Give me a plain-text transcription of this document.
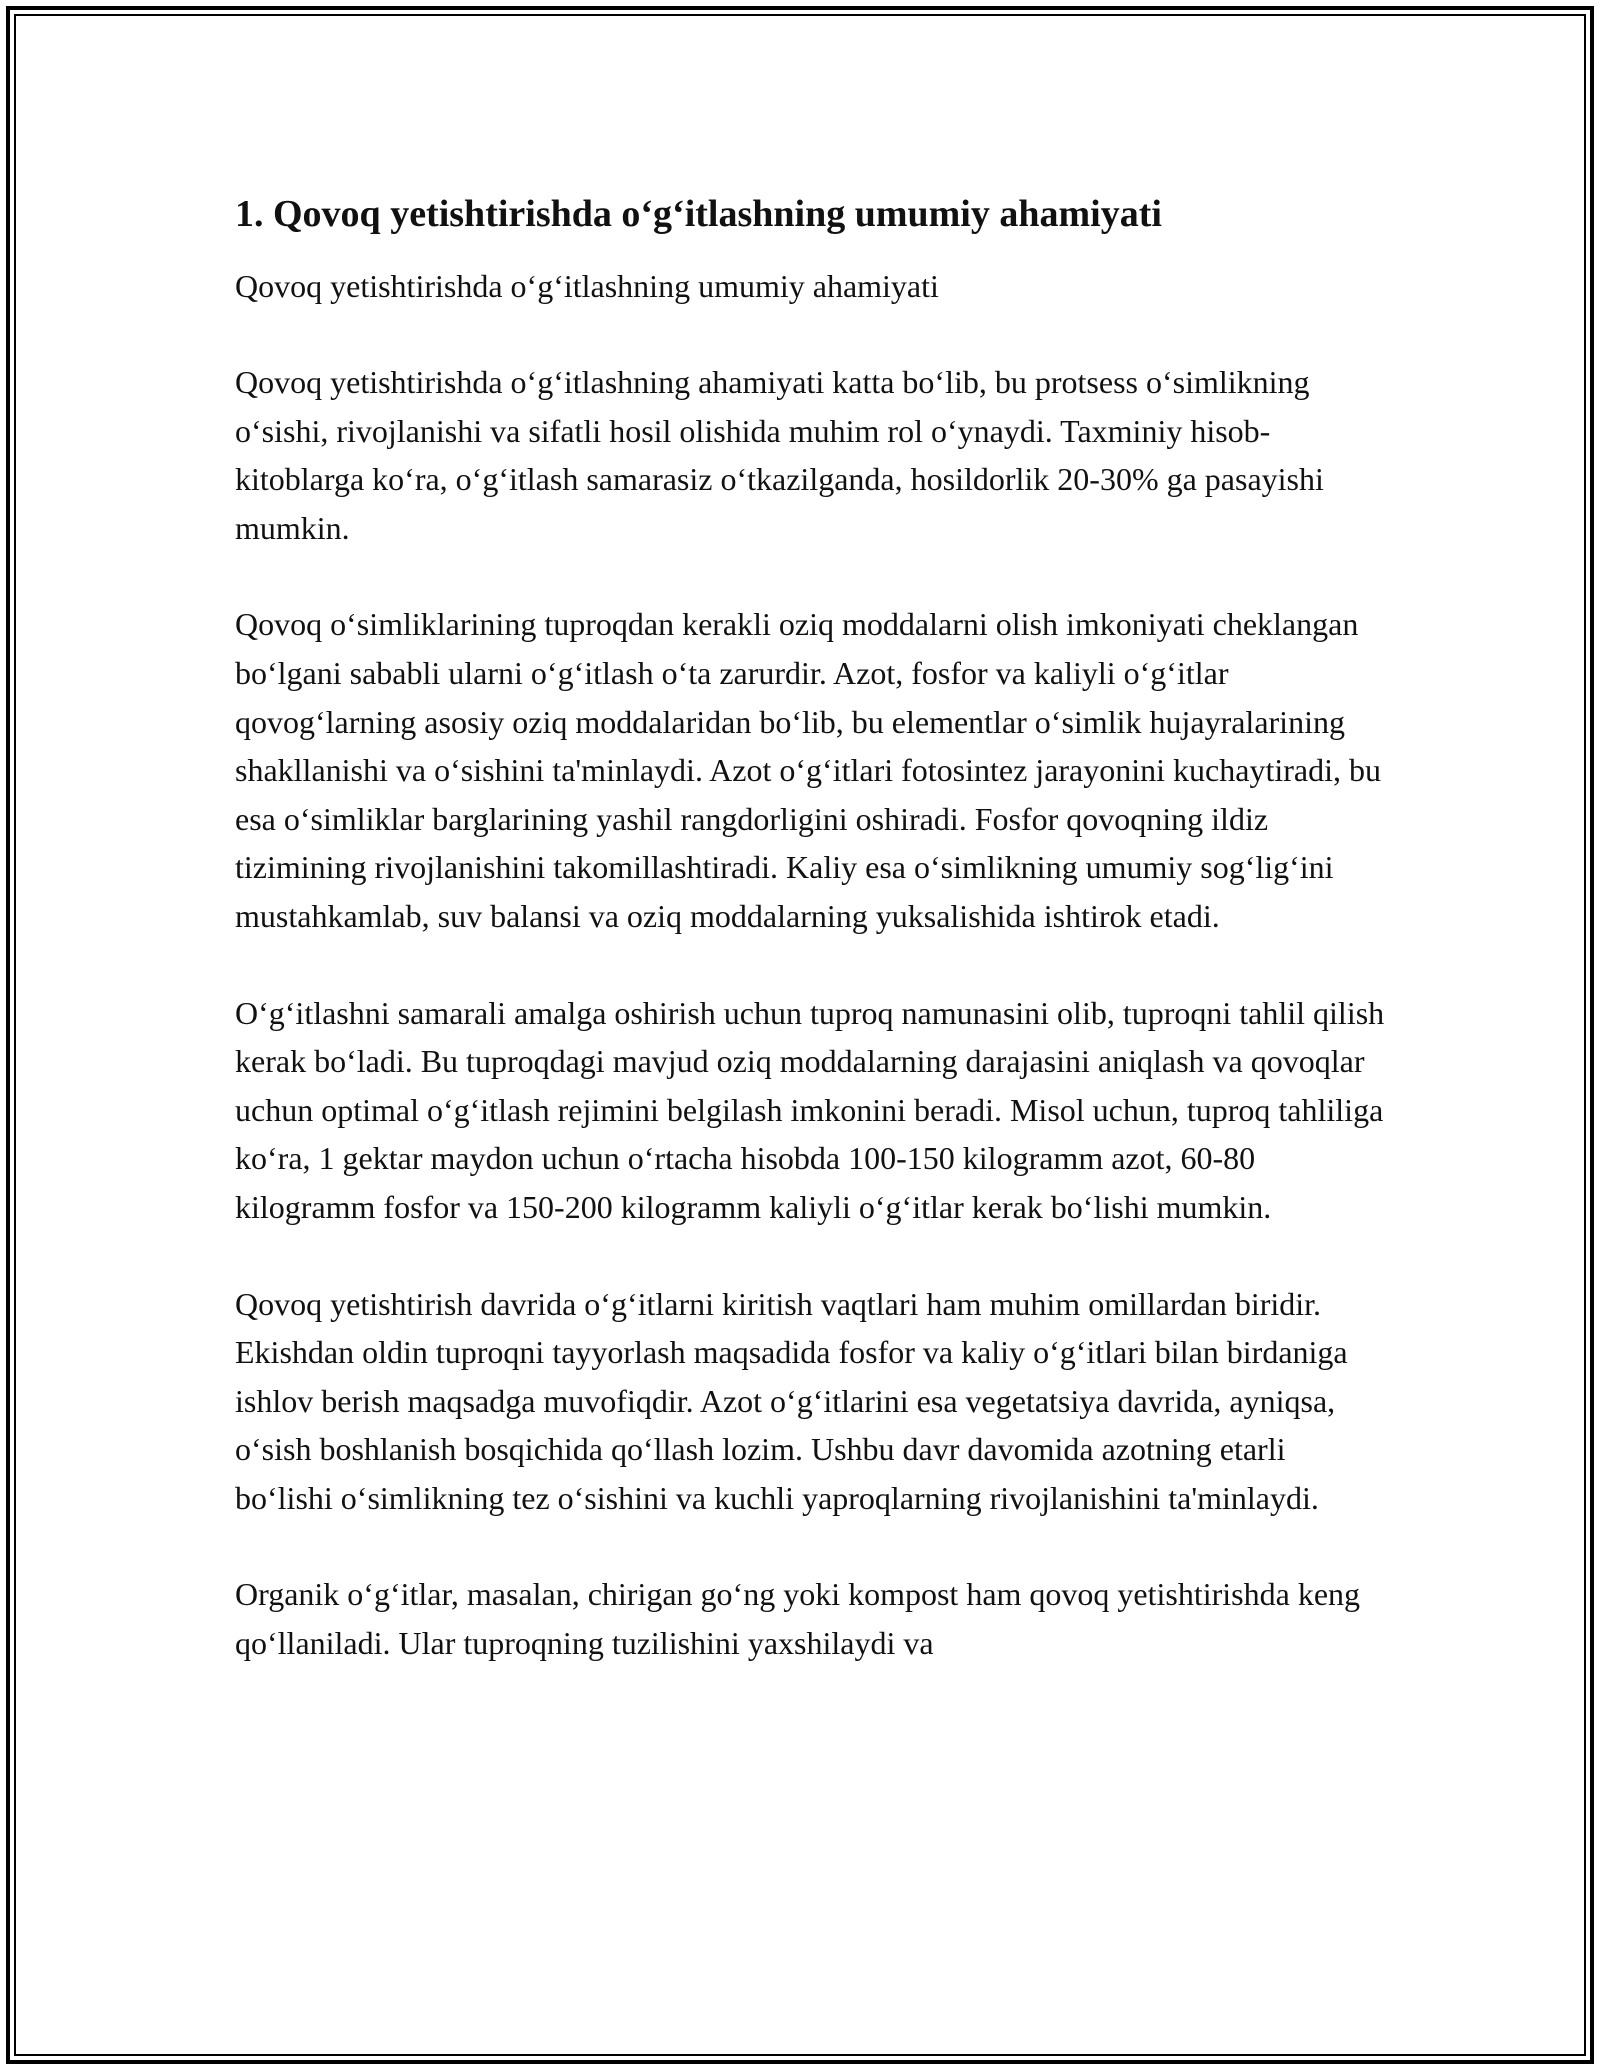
1. Qovoq yetishtirishda o‘g‘itlashning umumiy ahamiyati
Qovoq yetishtirishda o‘g‘itlashning umumiy ahamiyati

Qovoq yetishtirishda o‘g‘itlashning ahamiyati katta bo‘lib, bu protsess o‘simlikning o‘sishi, rivojlanishi va sifatli hosil olishida muhim rol o‘ynaydi. Taxminiy hisob-kitoblarga ko‘ra, o‘g‘itlash samarasiz o‘tkazilganda, hosildorlik 20-30% ga pasayishi mumkin.

Qovoq o‘simliklarining tuproqdan kerakli oziq moddalarni olish imkoniyati cheklangan bo‘lgani sababli ularni o‘g‘itlash o‘ta zarurdir. Azot, fosfor va kaliyli o‘g‘itlar qovog‘larning asosiy oziq moddalaridan bo‘lib, bu elementlar o‘simlik hujayralarining shakllanishi va o‘sishini ta'minlaydi. Azot o‘g‘itlari fotosintez jarayonini kuchaytiradi, bu esa o‘simliklar barglarining yashil rangdorligini oshiradi. Fosfor qovoqning ildiz tizimining rivojlanishini takomillashtiradi. Kaliy esa o‘simlikning umumiy sog‘lig‘ini mustahkamlab, suv balansi va oziq moddalarning yuksalishida ishtirok etadi.

O‘g‘itlashni samarali amalga oshirish uchun tuproq namunasini olib, tuproqni tahlil qilish kerak bo‘ladi. Bu tuproqdagi mavjud oziq moddalarning darajasini aniqlash va qovoqlar uchun optimal o‘g‘itlash rejimini belgilash imkonini beradi. Misol uchun, tuproq tahliliga ko‘ra, 1 gektar maydon uchun o‘rtacha hisobda 100-150 kilogramm azot, 60-80 kilogramm fosfor va 150-200 kilogramm kaliyli o‘g‘itlar kerak bo‘lishi mumkin.

Qovoq yetishtirish davrida o‘g‘itlarni kiritish vaqtlari ham muhim omillardan biridir. Ekishdan oldin tuproqni tayyorlash maqsadida fosfor va kaliy o‘g‘itlari bilan birdaniga ishlov berish maqsadga muvofiqdir. Azot o‘g‘itlarini esa vegetatsiya davrida, ayniqsa, o‘sish boshlanish bosqichida qo‘llash lozim. Ushbu davr davomida azotning etarli bo‘lishi o‘simlikning tez o‘sishini va kuchli yaproqlarning rivojlanishini ta'minlaydi.

Organik o‘g‘itlar, masalan, chirigan go‘ng yoki kompost ham qovoq yetishtirishda keng qo‘llaniladi. Ular tuproqning tuzilishini yaxshilaydi va
